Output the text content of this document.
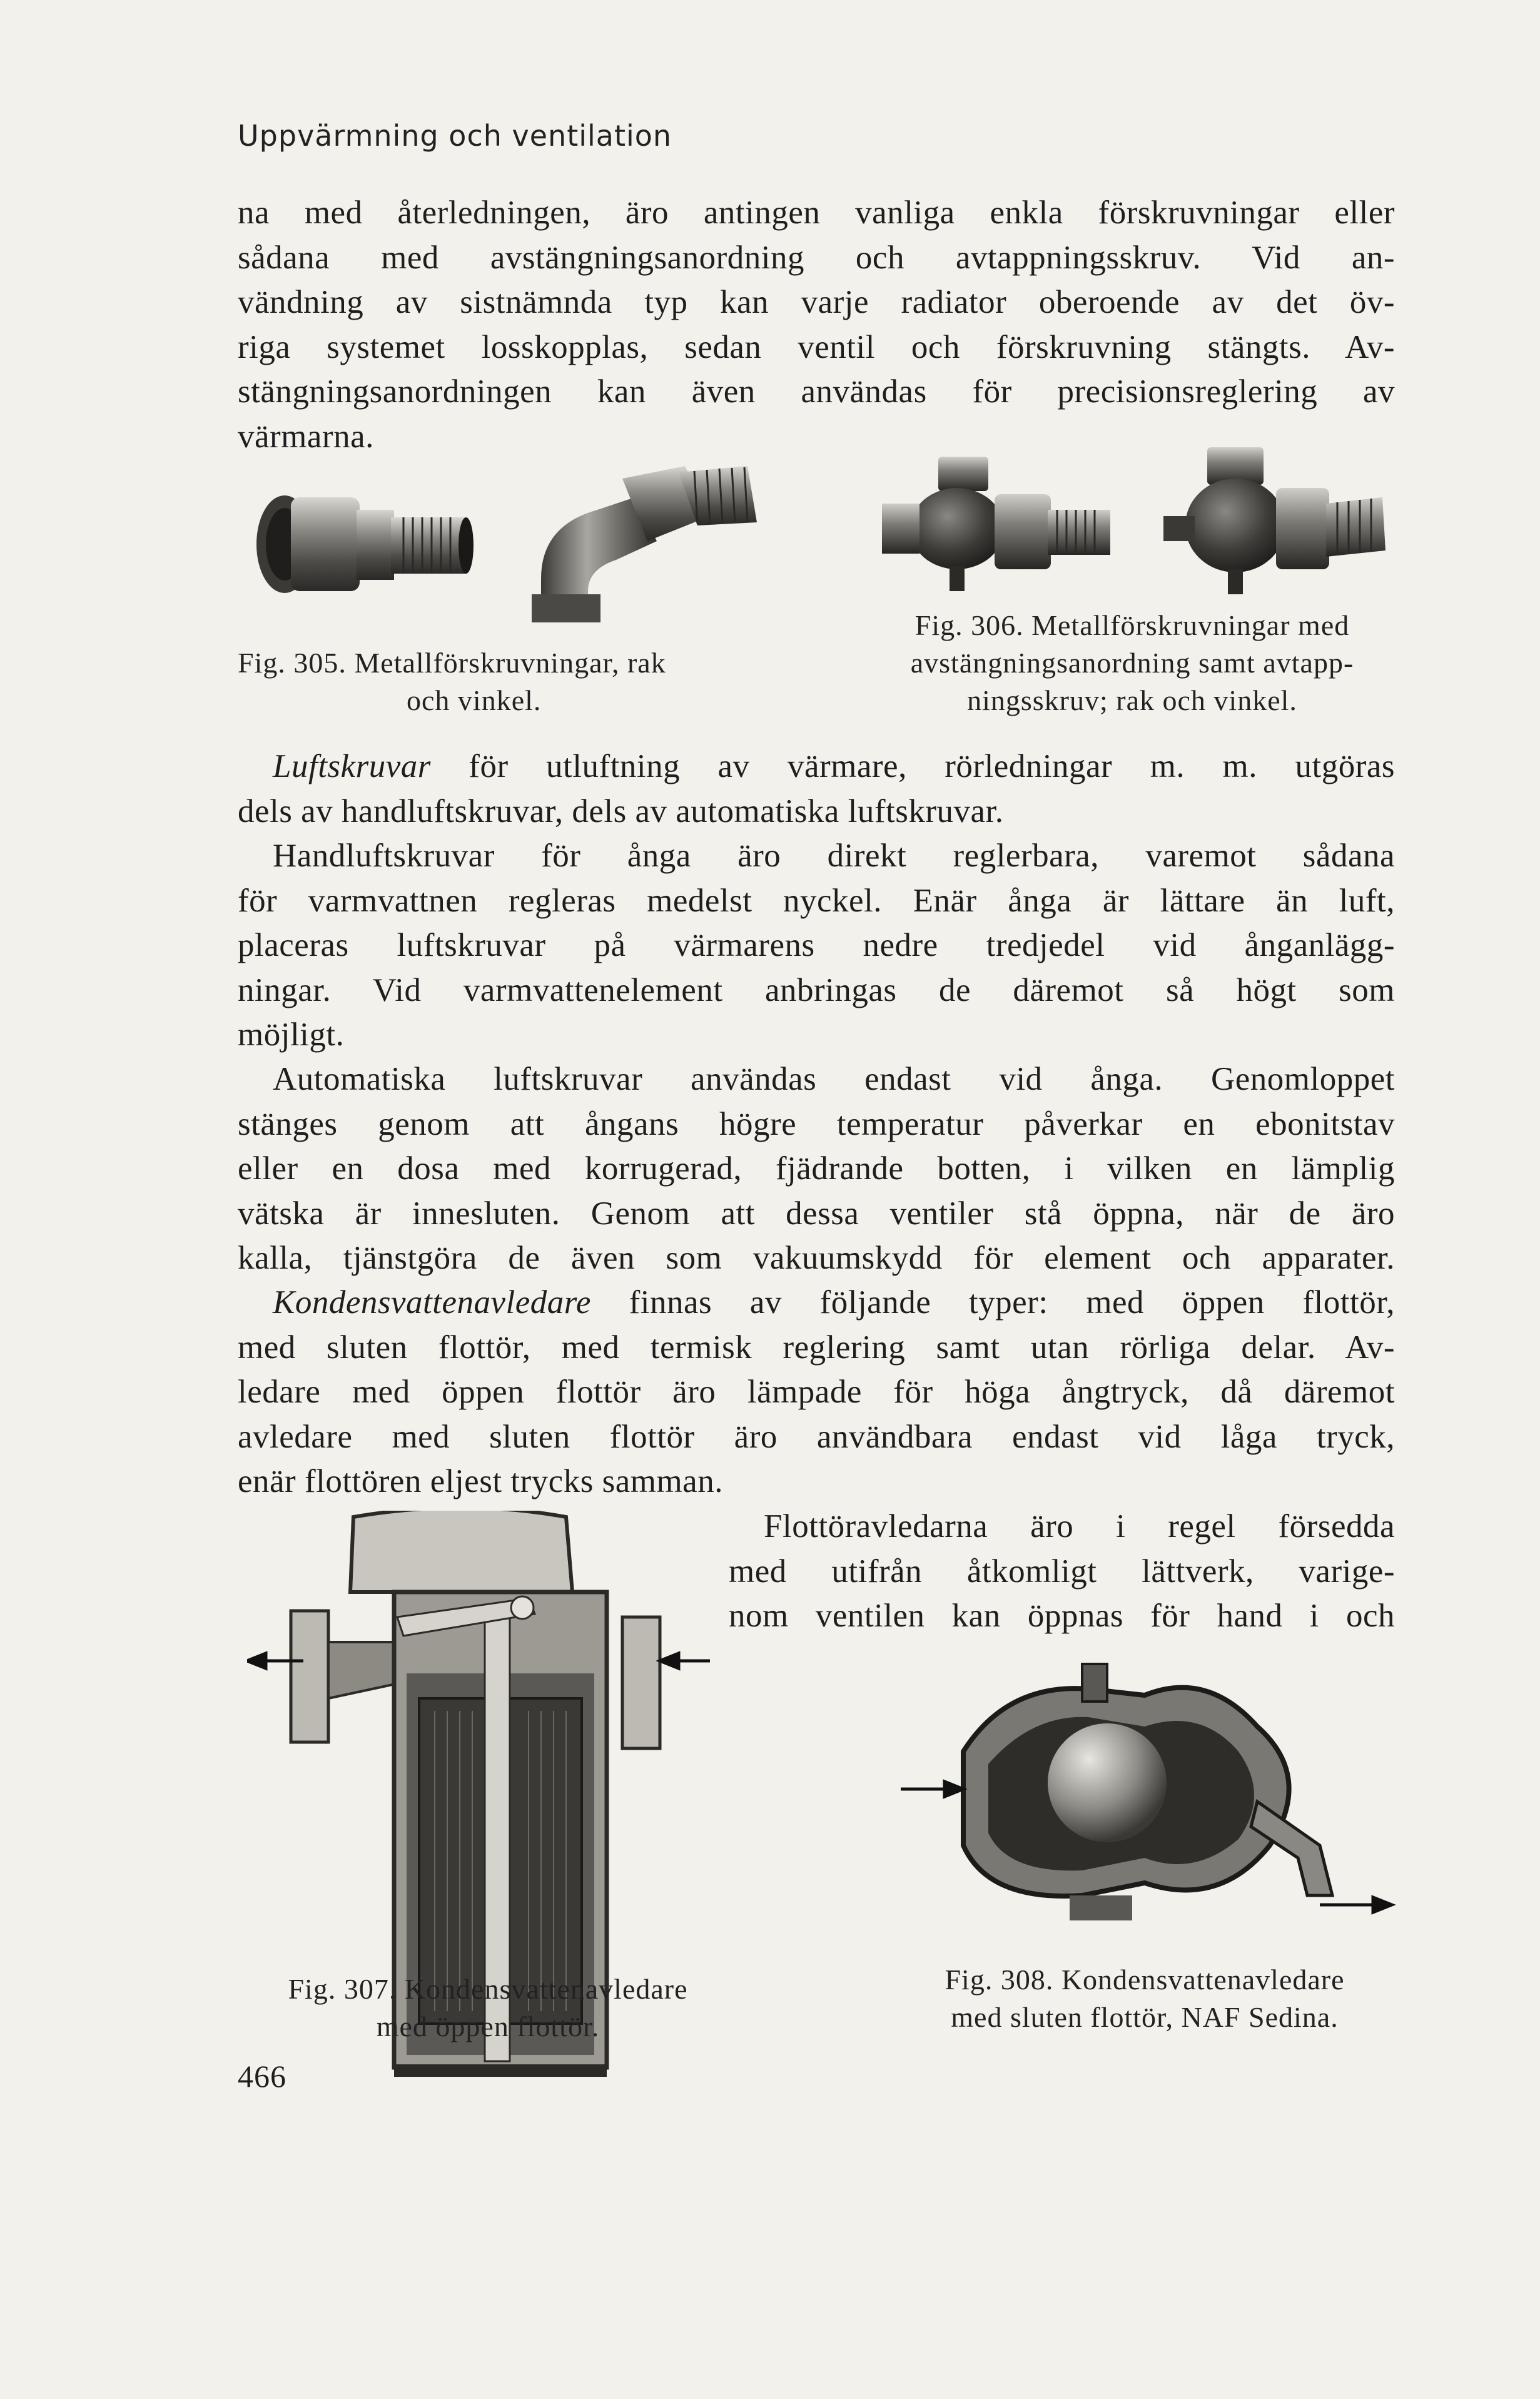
Uppvärmning och ventilation
na med återledningen, äro antingen vanliga enkla förskruvningar eller
sådana med avstängningsanordning och avtappningsskruv. Vid an-
vändning av sistnämnda typ kan varje radiator oberoende av det öv-
riga systemet losskopplas, sedan ventil och förskruvning stängts. Av-
stängningsanordningen kan även användas för precisionsreglering av
värmarna.
Fig. 305. Metallförskruvningar, rak
och vinkel.
Fig. 306. Metallförskruvningar med
avstängningsanordning samt avtapp-
ningsskruv; rak och vinkel.
Luftskruvar för utluftning av värmare, rörledningar m. m. utgöras
dels av handluftskruvar, dels av automatiska luftskruvar.
Handluftskruvar för ånga äro direkt reglerbara, varemot sådana
för varmvattnen regleras medelst nyckel. Enär ånga är lättare än luft,
placeras luftskruvar på värmarens nedre tredjedel vid ånganlägg-
ningar. Vid varmvattenelement anbringas de däremot så högt som
möjligt.
Automatiska luftskruvar användas endast vid ånga. Genomloppet
stänges genom att ångans högre temperatur påverkar en ebonitstav
eller en dosa med korrugerad, fjädrande botten, i vilken en lämplig
vätska är innesluten. Genom att dessa ventiler stå öppna, när de äro
kalla, tjänstgöra de även som vakuumskydd för element och apparater.
Kondensvattenavledare finnas av följande typer: med öppen flottör,
med sluten flottör, med termisk reglering samt utan rörliga delar. Av-
ledare med öppen flottör äro lämpade för höga ångtryck, då däremot
avledare med sluten flottör äro användbara endast vid låga tryck,
enär flottören eljest trycks samman.
Flottöravledarna äro i regel försedda
med utifrån åtkomligt lättverk, varige-
nom ventilen kan öppnas för hand i och
Fig. 307. Kondensvattenavledare
med öppen flottör.
Fig. 308. Kondensvattenavledare
med sluten flottör, NAF Sedina.
466
